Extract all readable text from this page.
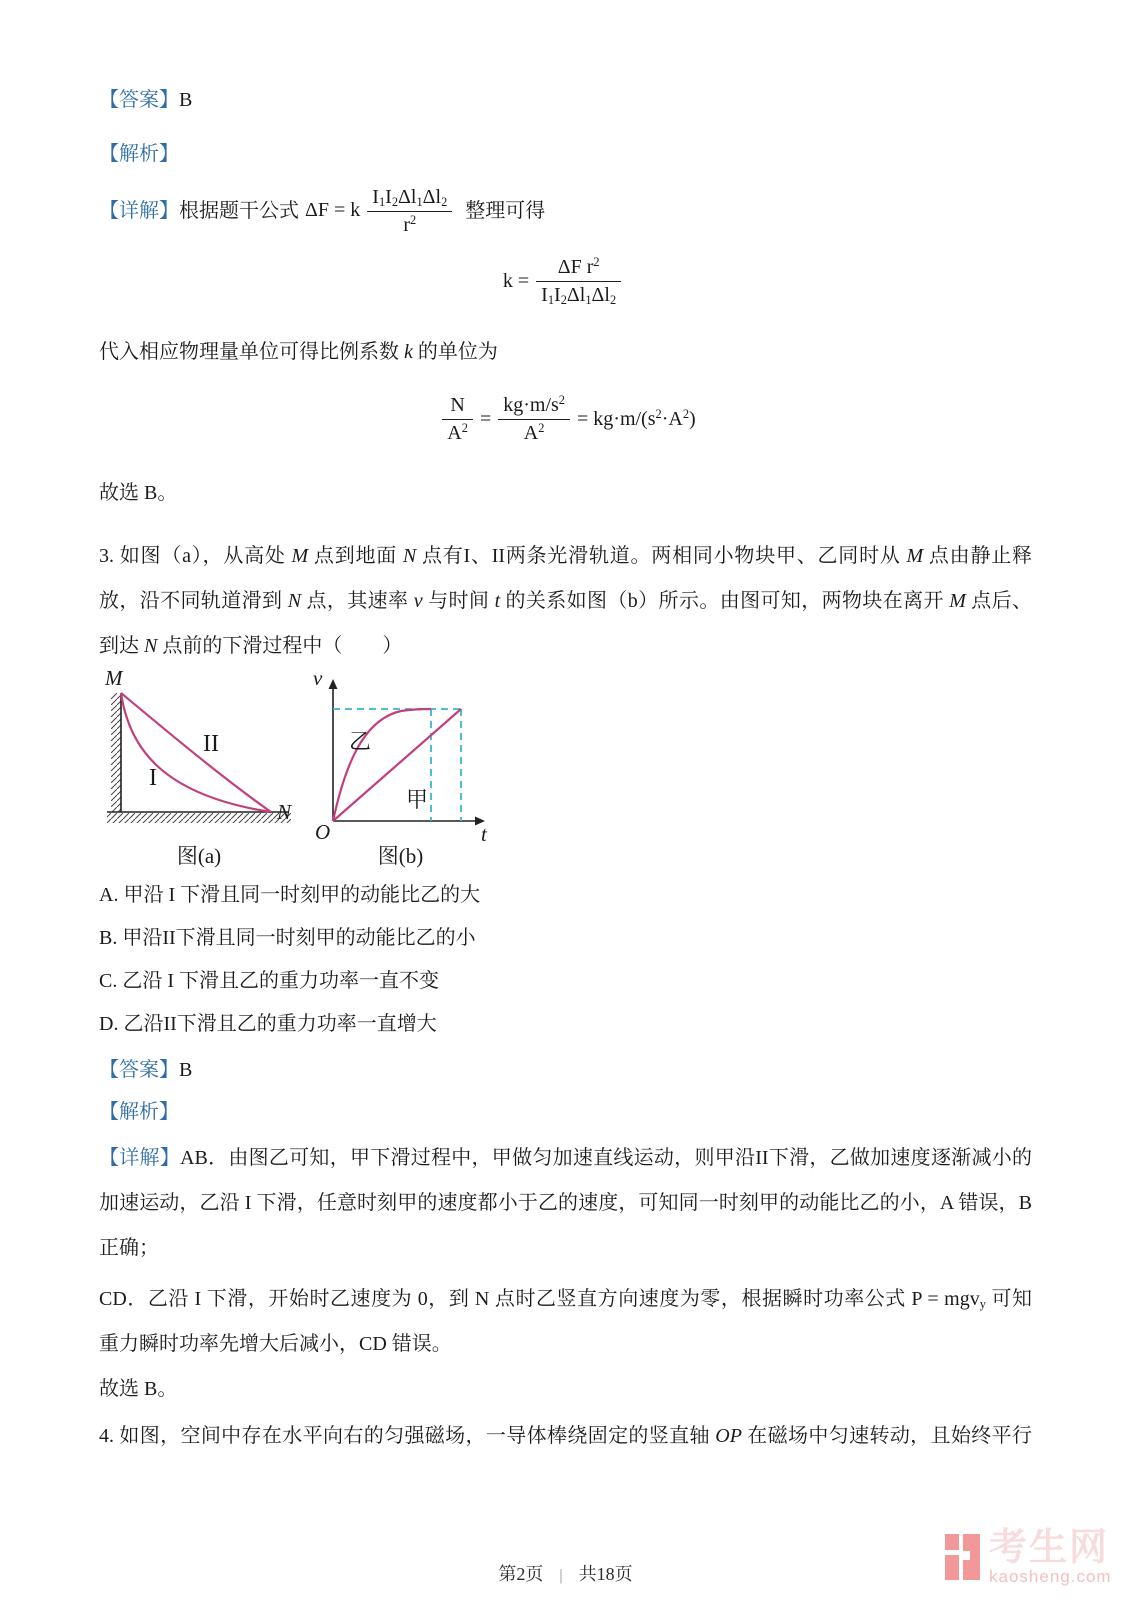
【答案】B
【解析】
【详解】 根据题干公式 ΔF = k $\frac{I_1I_2\Delta l_1\Delta l_2}{r^2}$ 整理可得
$k = \frac{\Delta F r^2}{I_1I_2\Delta l_1\Delta l_2}$
代入相应物理量单位可得比例系数 k 的单位为
$\frac{N}{A^2} = \frac{kg\cdot m/s^2}{A^2} = kg\cdot m/(s^2\cdot A^2)$
故选 B。
3. 如图（a），从高处 M 点到地面 N 点有I、II两条光滑轨道。两相同小物块甲、乙同时从 M 点由静止释
放，沿不同轨道滑到 N 点，其速率 v 与时间 t 的关系如图（b）所示。由图可知，两物块在离开 M 点后、
到达 N 点前的下滑过程中（　　）
M
I
II
N
图(a)
v
t
O
乙
甲
图(b)
A. 甲沿 I 下滑且同一时刻甲的动能比乙的大
B. 甲沿II下滑且同一时刻甲的动能比乙的小
C. 乙沿 I 下滑且乙的重力功率一直不变
D. 乙沿II下滑且乙的重力功率一直增大
【答案】B
【解析】
【详解】AB．由图乙可知，甲下滑过程中，甲做匀加速直线运动，则甲沿II下滑，乙做加速度逐渐减小的
加速运动，乙沿 I 下滑，任意时刻甲的速度都小于乙的速度，可知同一时刻甲的动能比乙的小，A 错误，B
正确；
CD．乙沿 I 下滑，开始时乙速度为 0，到 N 点时乙竖直方向速度为零，根据瞬时功率公式 P = mgv$_y$ 可知
重力瞬时功率先增大后减小，CD 错误。
故选 B。
4. 如图，空间中存在水平向右的匀强磁场，一导体棒绕固定的竖直轴 OP 在磁场中匀速转动，且始终平行
第2页 | 共18页
考生网
kaosheng.com
